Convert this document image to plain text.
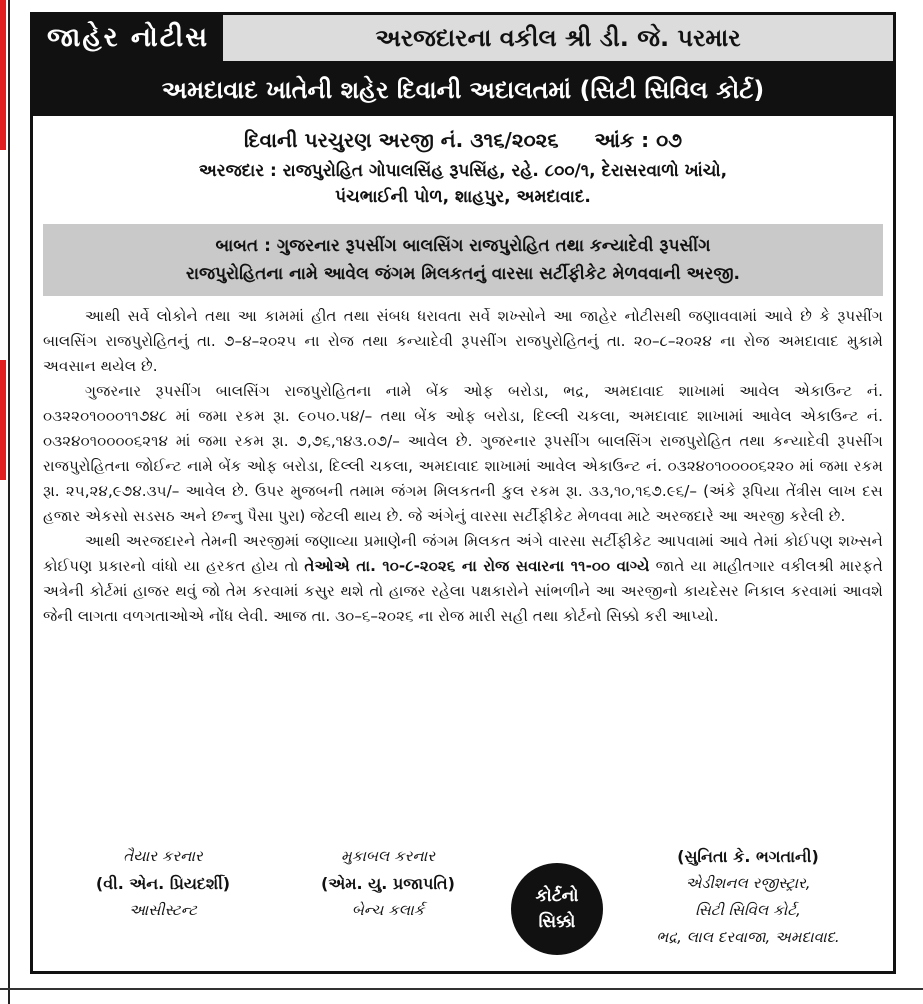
જાહેર નોટીસ	અરજદારના વકીલ શ્રી ડી. જે. પરમાર
અમદાવાદ ખાતેની શહેર દિવાની અદાલતમાં (સિટી સિવિલ કોર્ટ)
દિવાની પરચુરણ અરજી નં. ૩૧૬/૨૦૨૬ આંક : ૦૭
અરજદાર : રાજપુરોહિત ગોપાલસિંહ રૂપસિંહ, રહે. ૮૦૦/૧, દેરાસરવાળો ખાંચો,
પંચભાઈની પોળ, શાહપુર, અમદાવાદ.
બાબત : ગુજરનાર રૂપસીંગ બાલસિંગ રાજપુરોહિત તથા કન્યાદેવી રૂપસીંગ
રાજપુરોહિતના નામે આવેલ જંગમ મિલકતનું વારસા સર્ટીફીકેટ મેળવવાની અરજી.

આથી સર્વે લોકોને તથા આ કામમાં હીત તથા સંબધ ધરાવતા સર્વે શખ્સોને આ જાહેર નોટીસથી જણાવવામાં આવે છે કે રૂપસીંગ બાલસિંગ રાજપુરોહિતનું તા. ૭–૪–૨૦૨૫ ના રોજ તથા કન્યાદેવી રૂપસીંગ રાજપુરોહિતનું તા. ૨૦–૮–૨૦૨૪ ના રોજ અમદાવાદ મુકામે અવસાન થયેલ છે.

ગુજરનાર રૂપસીંગ બાલસિંગ રાજપુરોહિતના નામે બેંક ઓફ બરોડા, ભદ્ર, અમદાવાદ શાખામાં આવેલ એકાઉન્ટ નં. ૦૩૨૨૦૧૦૦૦૧૧૭૪૮ માં જમા રકમ રૂા. ૯૦૫૦.૫૪/– તથા બેંક ઓફ બરોડા, દિલ્લી ચકલા, અમદાવાદ શાખામાં આવેલ એકાઉન્ટ નં. ૦૩૨૪૦૧૦૦૦૦૬૨૧૪ માં જમા રકમ રૂા. ૭,૭૬,૧૪૩.૦૭/– આવેલ છે. ગુજરનાર રૂપસીંગ બાલસિંગ રાજપુરોહિત તથા કન્યાદેવી રૂપસીંગ રાજપુરોહિતના જોઈન્ટ નામે બેંક ઓફ બરોડા, દિલ્લી ચકલા, અમદાવાદ શાખામાં આવેલ એકાઉન્ટ નં. ૦૩૨૪૦૧૦૦૦૦૬૨૨૦ માં જમા રકમ રૂા. ૨૫,૨૪,૯૭૪.૩૫/– આવેલ છે. ઉપર મુજબની તમામ જંગમ મિલકતની કુલ રકમ રૂા. ૩૩,૧૦,૧૬૭.૯૬/– (અંકે રૂપિયા તેંત્રીસ લાખ દસ હજાર એકસો સડસઠ અને છન્નુ પૈસા પુરા) જેટલી થાય છે. જે અંગેનું વારસા સર્ટીફીકેટ મેળવવા માટે અરજદારે આ અરજી કરેલી છે.

આથી અરજદારને તેમની અરજીમાં જણાવ્યા પ્રમાણેની જંગમ મિલકત અંગે વારસા સર્ટીફીકેટ આપવામાં આવે તેમાં કોઈપણ શખ્સને કોઈપણ પ્રકારનો વાંધો યા હરકત હોય તો તેઓએ તા. ૧૦-૮-૨૦૨૬ ના રોજ સવારના ૧૧-૦૦ વાગ્યે જાતે યા માહીતગાર વકીલશ્રી મારફતે અત્રેની કોર્ટમાં હાજર થવું જો તેમ કરવામાં કસુર થશે તો હાજર રહેલા પક્ષકારોને સાંભળીને આ અરજીનો કાયદેસર નિકાલ કરવામાં આવશે જેની લાગતા વળગતાઓએ નોંધ લેવી. આજ તા. ૩૦–૬–૨૦૨૬ ના રોજ મારી સહી તથા કોર્ટનો સિક્કો કરી આપ્યો.

તૈયાર કરનાર
(વી. એન. પ્રિયદર્શી)
આસીસ્ટન્ટ
મુકાબલ કરનાર
(એમ. યુ. પ્રજાપતિ)
બેન્ચ કલાર્ક
કોર્ટનો
સિક્કો
(સુનિતા કે. ભગતાની)
એડીશનલ રજીસ્ટ્રાર,
સિટી સિવિલ કોર્ટ,
ભદ્ર, લાલ દરવાજા, અમદાવાદ.
